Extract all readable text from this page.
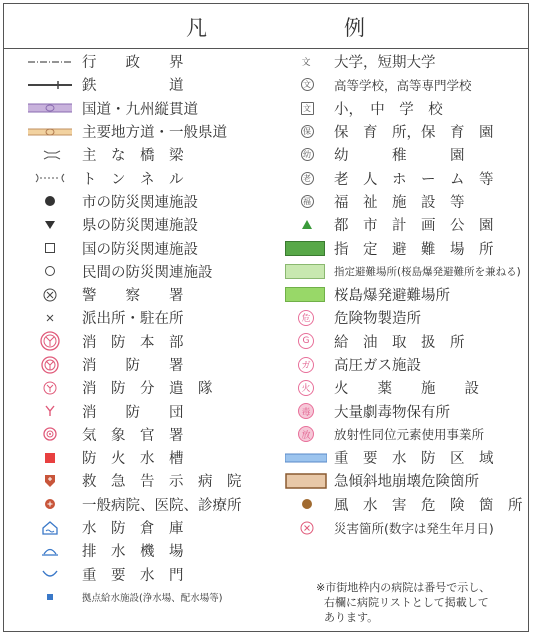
凡	例
行　　政　　界
鉄　　　　　道
国道・九州縦貫道
主要地方道・一般県道
主　な　橋　梁
ト　ン　ネ　ル
市の防災関連施設
県の防災関連施設
国の防災関連施設
民間の防災関連施設
警　　察　　署
派出所・駐在所
消　防　本　部
消　　防　　署
消　防　分　遣　隊
消　　防　　団
気　象　官　署
防　火　水　槽
救　急　告　示　病　院
一般病院、医院、診療所
水　防　倉　庫
排　水　機　場
重　要　水　門
拠点給水施設(浄水場、配水場等)
文 大学，短期大学
文 高等学校，高等専門学校
文 小，　中　学　校
保 保　育　所，保　育　園
幼 幼　　　稚　　　園
老 老　人　ホ　ー　ム　等
福 福　祉　施　設　等
都　市　計　画　公　園
指　定　避　難　場　所
指定避難場所(桜島爆発避難所を兼ねる)
桜島爆発避難場所
危 危険物製造所
G	給　油　取　扱　所
ガ 高圧ガス施設
火 火　　薬　　施　　設
毒 大量劇毒物保有所
放 放射性同位元素使用事業所
重　要　水　防　区　域
急傾斜地崩壊危険箇所
風　水　害　危　険　箇　所
災害箇所(数字は発生年月日)
※市街地枠内の病院は番号で示し、
右欄に病院リストとして掲載して
あります。
